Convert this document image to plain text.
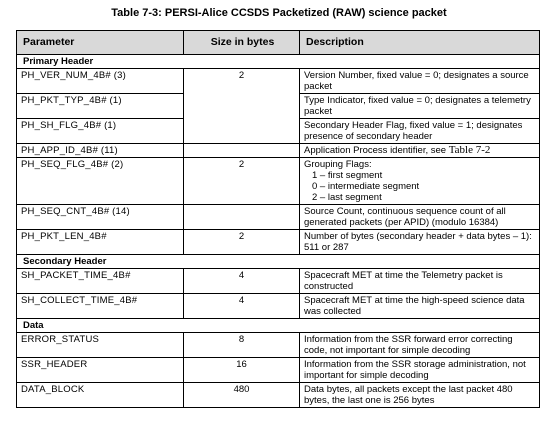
Table 7-3: PERSI-Alice CCSDS Packetized (RAW) science packet
Parameter	Size in bytes	Description
Primary Header		
PH_VER_NUM_4B# (3)	2	Version Number, fixed value = 0; designates a source packet
PH_PKT_TYP_4B# (1)		Type Indicator, fixed value = 0; designates a telemetry packet
PH_SH_FLG_4B# (1)		Secondary Header Flag, fixed value = 1; designates presence of secondary header
PH_APP_ID_4B# (11)		Application Process identifier, see Table 7-2
PH_SEQ_FLG_4B# (2)	2	Grouping Flags:
1 – first segment
0 – intermediate segment
2 – last segment

PH_SEQ_CNT_4B# (14)		Source Count, continuous sequence count of all generated packets (per APID) (modulo 16384)
PH_PKT_LEN_4B#	2	Number of bytes (secondary header + data bytes – 1): 511 or 287
Secondary Header		
SH_PACKET_TIME_4B#	4	Spacecraft MET at time the Telemetry packet is constructed
SH_COLLECT_TIME_4B#	4	Spacecraft MET at time the high-speed science data was collected
Data		
ERROR_STATUS	8	Information from the SSR forward error correcting code, not important for simple decoding
SSR_HEADER	16	Information from the SSR storage administration, not important for simple decoding
DATA_BLOCK	480	Data bytes, all packets except the last packet 480 bytes, the last one is 256 bytes
